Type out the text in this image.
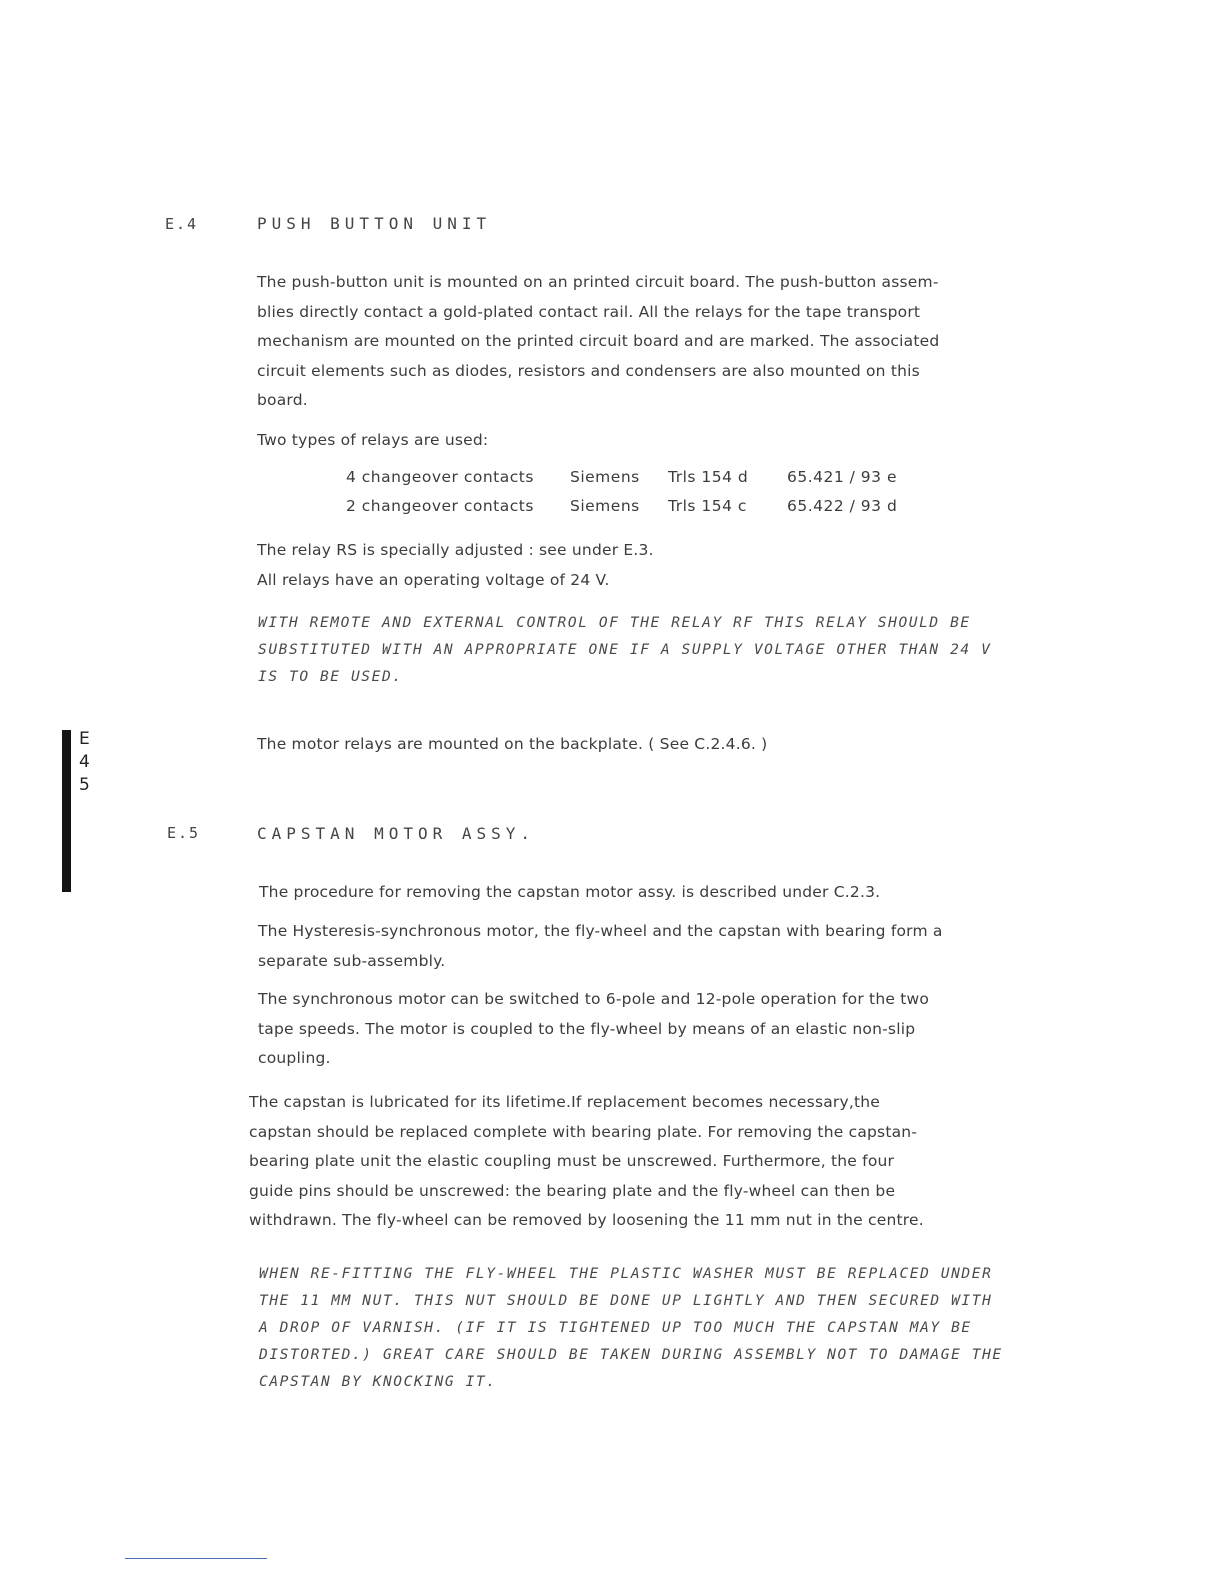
E.4	PUSH BUTTON UNIT
The push-button unit is mounted on an printed circuit board. The push-button assem-
blies directly contact a gold-plated contact rail. All the relays for the tape transport
mechanism are mounted on the printed circuit board and are marked. The associated
circuit elements such as diodes, resistors and condensers are also mounted on this
board.
Two types of relays are used:
4 changeover contacts Siemens Trls 154 d	65.421 / 93 e
2 changeover contacts Siemens Trls 154 c	65.422 / 93 d
The relay RS is specially adjusted : see under E.3.
All relays have an operating voltage of 24 V.
WITH REMOTE AND EXTERNAL CONTROL OF THE RELAY RF THIS RELAY SHOULD BE
SUBSTITUTED WITH AN APPROPRIATE ONE IF A SUPPLY VOLTAGE OTHER THAN 24 V
IS TO BE USED.
The motor relays are mounted on the backplate. ( See C.2.4.6. )
E
4
5
E.5	CAPSTAN MOTOR ASSY.
The procedure for removing the capstan motor assy. is described under C.2.3.
The Hysteresis-synchronous motor, the fly-wheel and the capstan with bearing form a
separate sub-assembly.
The synchronous motor can be switched to 6-pole and 12-pole operation for the two
tape speeds. The motor is coupled to the fly-wheel by means of an elastic non-slip
coupling.
The capstan is lubricated for its lifetime.If replacement becomes necessary,the
capstan should be replaced complete with bearing plate. For removing the capstan-
bearing plate unit the elastic coupling must be unscrewed. Furthermore, the four
guide pins should be unscrewed: the bearing plate and the fly-wheel can then be
withdrawn. The fly-wheel can be removed by loosening the 11 mm nut in the centre.
WHEN RE-FITTING THE FLY-WHEEL THE PLASTIC WASHER MUST BE REPLACED UNDER
THE 11 MM NUT. THIS NUT SHOULD BE DONE UP LIGHTLY AND THEN SECURED WITH
A DROP OF VARNISH. (IF IT IS TIGHTENED UP TOO MUCH THE CAPSTAN MAY BE
DISTORTED.) GREAT CARE SHOULD BE TAKEN DURING ASSEMBLY NOT TO DAMAGE THE
CAPSTAN BY KNOCKING IT.
